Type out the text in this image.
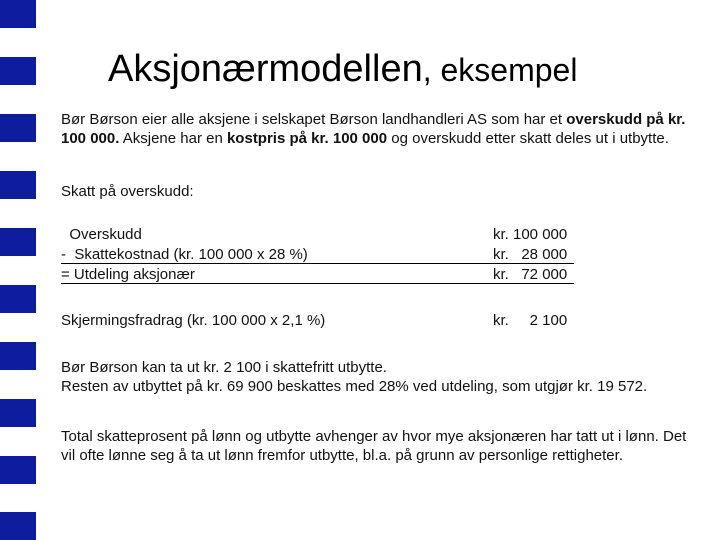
Aksjonærmodellen, eksempel
Bør Børson eier alle aksjene i selskapet Børson landhandleri AS som har et overskudd på kr. 100 000. Aksjene har en kostpris på kr. 100 000 og overskudd etter skatt deles ut i utbytte.
Skatt på overskudd:
Overskudd	kr. 100 000
-  Skattekostnad (kr. 100 000 x 28 %)	kr.   28 000
= Utdeling aksjonær	kr.   72 000
Skjermingsfradrag (kr. 100 000 x 2,1 %)	kr.     2 100
Bør Børson kan ta ut kr. 2 100 i skattefritt utbytte.
Resten av utbyttet på kr. 69 900 beskattes med 28% ved utdeling, som utgjør kr. 19 572.
Total skatteprosent på lønn og utbytte avhenger av hvor mye aksjonæren har tatt ut i lønn. Det vil ofte lønne seg å ta ut lønn fremfor utbytte, bl.a. på grunn av personlige rettigheter.
